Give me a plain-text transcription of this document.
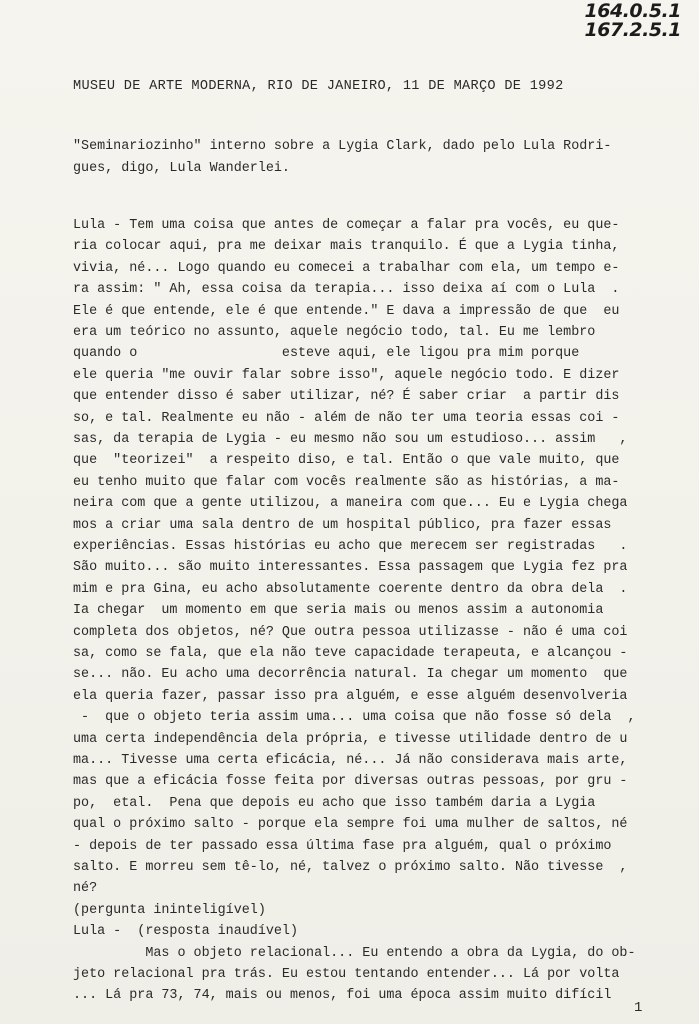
164.0.5.1
167.2.5.1
MUSEU DE ARTE MODERNA, RIO DE JANEIRO, 11 DE MARÇO DE 1992
"Seminariozinho" interno sobre a Lygia Clark, dado pelo Lula Rodri-
gues, digo, Lula Wanderlei.
Lula - Tem uma coisa que antes de começar a falar pra vocês, eu que-
ria colocar aqui, pra me deixar mais tranquilo. É que a Lygia tinha,
vivia, né... Logo quando eu comecei a trabalhar com ela, um tempo e-
ra assim: " Ah, essa coisa da terapia... isso deixa aí com o Lula  .
Ele é que entende, ele é que entende." E dava a impressão de que  eu
era um teórico no assunto, aquele negócio todo, tal. Eu me lembro
quando o                  esteve aqui, ele ligou pra mim porque
ele queria "me ouvir falar sobre isso", aquele negócio todo. E dizer
que entender disso é saber utilizar, né? É saber criar  a partir dis
so, e tal. Realmente eu não - além de não ter uma teoria essas coi -
sas, da terapia de Lygia - eu mesmo não sou um estudioso... assim   ,
que  "teorizei"  a respeito diso, e tal. Então o que vale muito, que
eu tenho muito que falar com vocês realmente são as histórias, a ma-
neira com que a gente utilizou, a maneira com que... Eu e Lygia chega
mos a criar uma sala dentro de um hospital público, pra fazer essas
experiências. Essas histórias eu acho que merecem ser registradas   .
São muito... são muito interessantes. Essa passagem que Lygia fez pra
mim e pra Gina, eu acho absolutamente coerente dentro da obra dela  .
Ia chegar  um momento em que seria mais ou menos assim a autonomia
completa dos objetos, né? Que outra pessoa utilizasse - não é uma coi
sa, como se fala, que ela não teve capacidade terapeuta, e alcançou -
se... não. Eu acho uma decorrência natural. Ia chegar um momento  que
ela queria fazer, passar isso pra alguém, e esse alguém desenvolveria
-  que o objeto teria assim uma... uma coisa que não fosse só dela  ,
uma certa independência dela própria, e tivesse utilidade dentro de u
ma... Tivesse uma certa eficácia, né... Já não considerava mais arte,
mas que a eficácia fosse feita por diversas outras pessoas, por gru -
po,  etal.  Pena que depois eu acho que isso também daria a Lygia
qual o próximo salto - porque ela sempre foi uma mulher de saltos, né
- depois de ter passado essa última fase pra alguém, qual o próximo
salto. E morreu sem tê-lo, né, talvez o próximo salto. Não tivesse  ,
né?
(pergunta ininteligível)
Lula -  (resposta inaudível)
Mas o objeto relacional... Eu entendo a obra da Lygia, do ob-
jeto relacional pra trás. Eu estou tentando entender... Lá por volta
... Lá pra 73, 74, mais ou menos, foi uma época assim muito difícil
1
